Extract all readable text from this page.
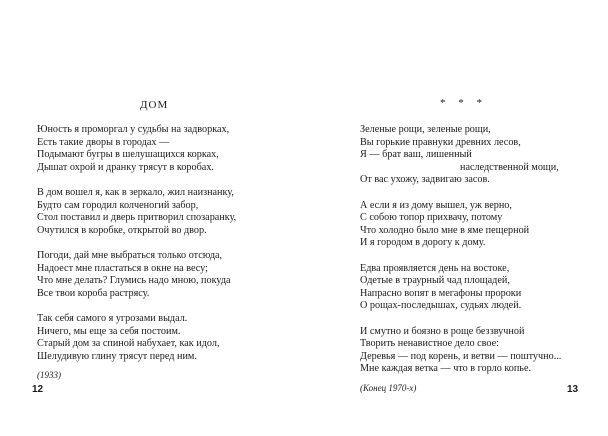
ДОМ	* * *
Юность я проморгал у судьбы на задворках,
Есть такие дворы в городах —
Подымают бугры в шелушащихся корках,
Дышат охрой и дранку трясут в коробах.
В дом вошел я, как в зеркало, жил наизнанку,
Будто сам городил колченогий забор,
Стол поставил и дверь притворил спозаранку,
Очутился в коробке, открытой во двор.
Погоди, дай мне выбраться только отсюда,
Надоест мне пластаться в окне на весу;
Что мне делать? Глумись надо мною, покуда
Все твои короба растрясу.
Так себя самого я угрозами выдал.
Ничего, мы еще за себя постоим.
Старый дом за спиной набухает, как идол,
Шелудивую глину трясут перед ним.
(1933)
Зеленые рощи, зеленые рощи,
Вы горькие правнуки древних лесов,
Я — брат ваш, лишенный
наследственной мощи,
От вас ухожу, задвигаю засов.
А если я из дому вышел, уж верно,
С собою топор прихвачу, потому
Что холодно было мне в яме пещерной
И я городом в дорогу к дому.
Едва проявляется день на востоке,
Одетые в траурный чад площадей,
Напрасно вопят в мегафоны пророки
О рощах-последышах, судьях людей.
И смутно и боязно в роще беззвучной
Творить ненавистное дело свое:
Деревья — под корень, и ветви — поштучно...
Мне каждая ветка — что в горло копье.
(Конец 1970-х)
12	13
